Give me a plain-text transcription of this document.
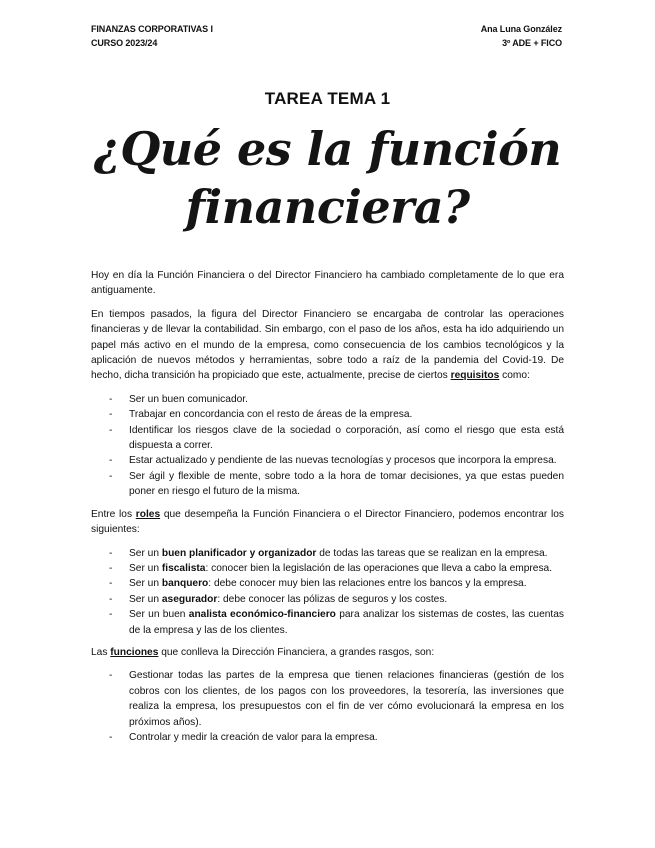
FINANZAS CORPORATIVAS I
CURSO 2023/24
Ana Luna González
3º ADE + FICO
TAREA TEMA 1
¿Qué es la función
financiera?

Hoy en día la Función Financiera o del Director Financiero ha cambiado completamente de lo que era antiguamente.

En tiempos pasados, la figura del Director Financiero se encargaba de controlar las operaciones financieras y de llevar la contabilidad. Sin embargo, con el paso de los años, esta ha ido adquiriendo un papel más activo en el mundo de la empresa, como consecuencia de los cambios tecnológicos y la aplicación de nuevos métodos y herramientas, sobre todo a raíz de la pandemia del Covid-19. De hecho, dicha transición ha propiciado que este, actualmente, precise de ciertos requisitos como:

- Ser un buen comunicador.
- Trabajar en concordancia con el resto de áreas de la empresa.
- Identificar los riesgos clave de la sociedad o corporación, así como el riesgo que esta está dispuesta a correr.
- Estar actualizado y pendiente de las nuevas tecnologías y procesos que incorpora la empresa.
- Ser ágil y flexible de mente, sobre todo a la hora de tomar decisiones, ya que estas pueden poner en riesgo el futuro de la misma.

Entre los roles que desempeña la Función Financiera o el Director Financiero, podemos encontrar los siguientes:

- Ser un buen planificador y organizador de todas las tareas que se realizan en la empresa.
- Ser un fiscalista: conocer bien la legislación de las operaciones que lleva a cabo la empresa.
- Ser un banquero: debe conocer muy bien las relaciones entre los bancos y la empresa.
- Ser un asegurador: debe conocer las pólizas de seguros y los costes.
- Ser un buen analista económico-financiero para analizar los sistemas de costes, las cuentas de la empresa y las de los clientes.

Las funciones que conlleva la Dirección Financiera, a grandes rasgos, son:

- Gestionar todas las partes de la empresa que tienen relaciones financieras (gestión de los cobros con los clientes, de los pagos con los proveedores, la tesorería, las inversiones que realiza la empresa, los presupuestos con el fin de ver cómo evolucionará la empresa en los próximos años).
- Controlar y medir la creación de valor para la empresa.
